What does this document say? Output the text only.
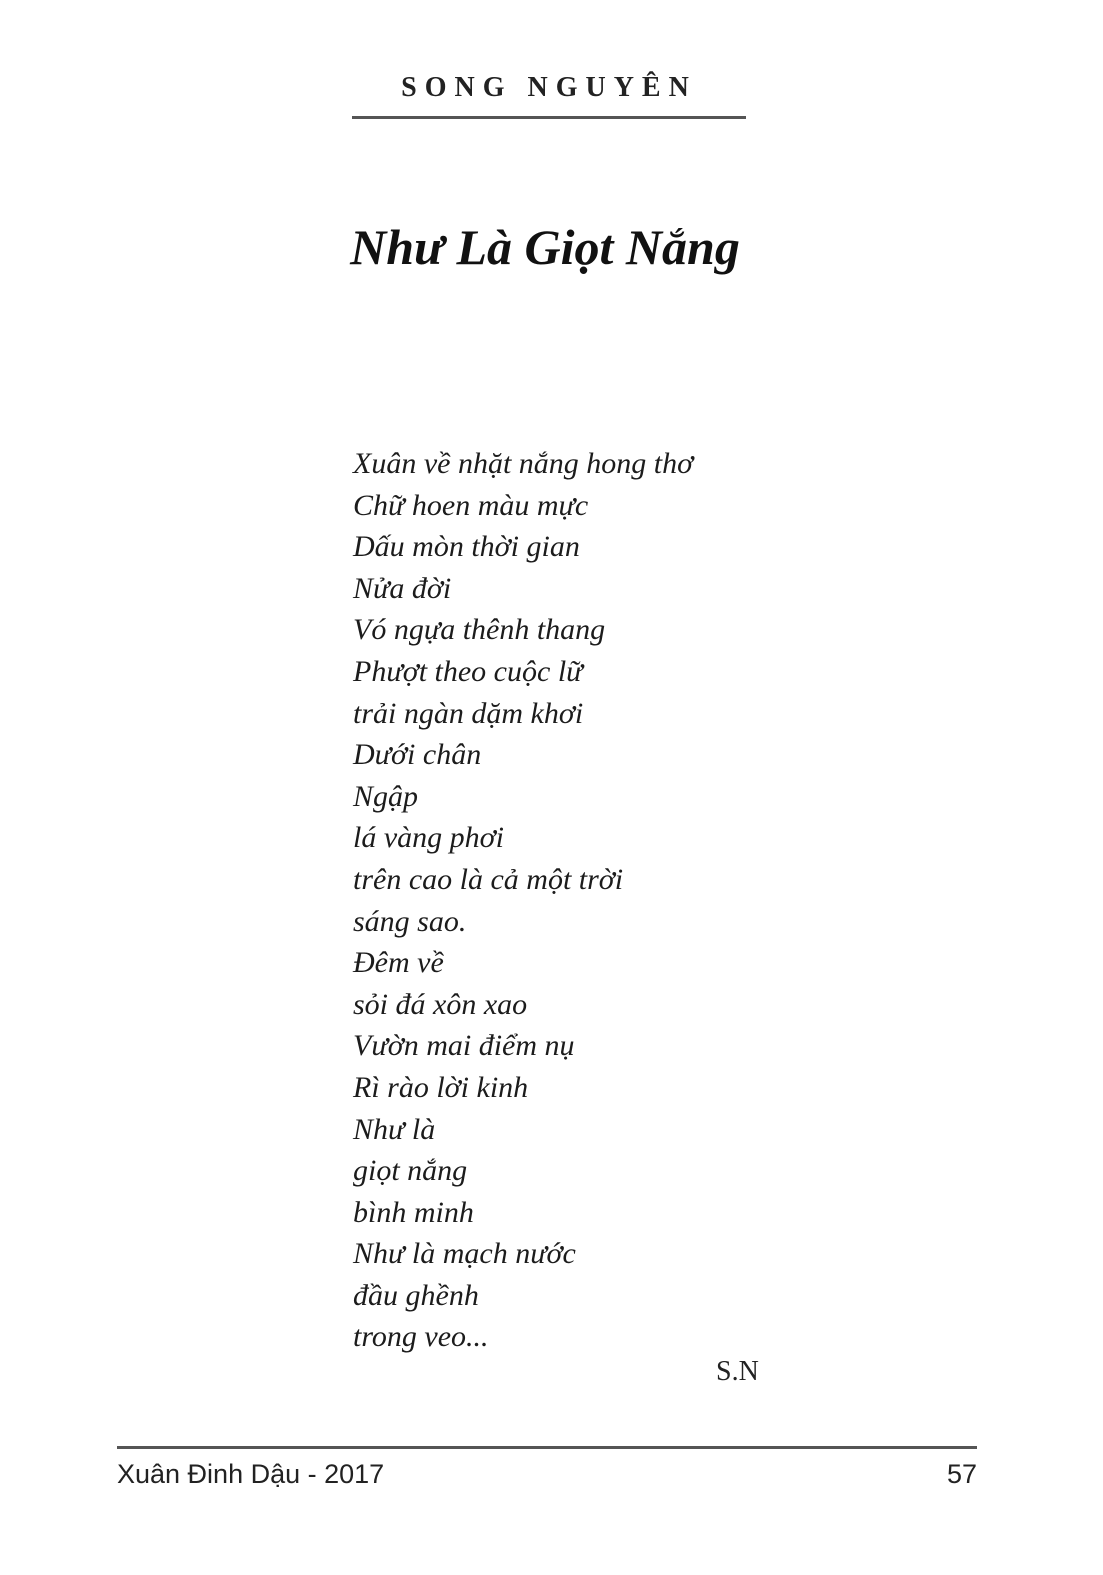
SONG NGUYÊN
Như Là Giọt Nắng
Xuân về nhặt nắng hong thơ
Chữ hoen màu mực
Dấu mòn thời gian
Nửa đời
Vó ngựa thênh thang
Phượt theo cuộc lữ
trải ngàn dặm khơi
Dưới chân
Ngập
lá vàng phơi
trên cao là cả một trời
sáng sao.
Đêm về
sỏi đá xôn xao
Vườn mai điểm nụ
Rì rào lời kinh
Như là
giọt nắng
bình minh
Như là mạch nước
đầu ghềnh
trong veo...
S.N
Xuân Đinh Dậu - 2017	57
